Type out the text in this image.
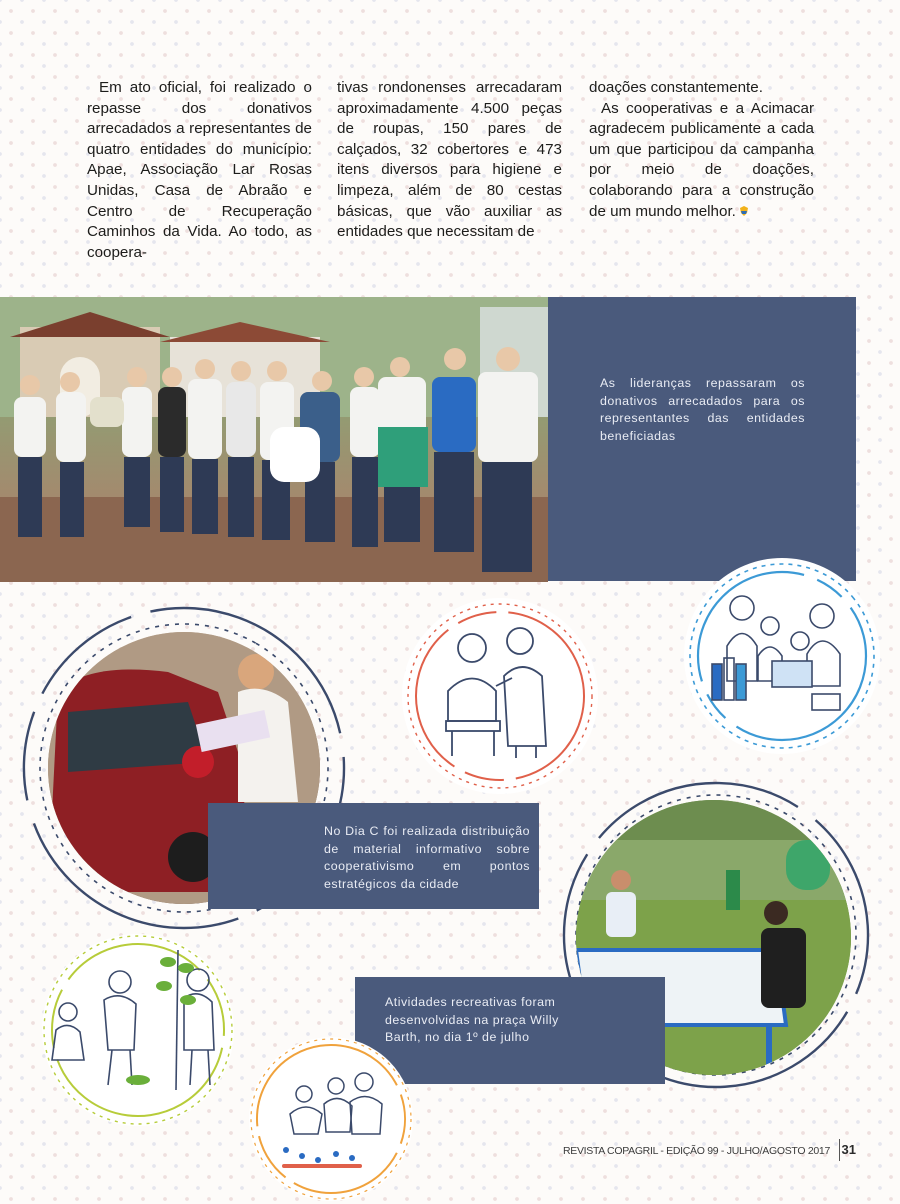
Em ato oficial, foi realizado o repasse dos donativos arrecadados a representantes de quatro entidades do município: Apae, Associação Lar Rosas Unidas, Casa de Abraão e Centro de Recuperação Caminhos da Vida. Ao todo, as coopera-

tivas rondonenses arrecadaram aproximadamente 4.500 peças de roupas, 150 pares de calçados, 32 cobertores e 473 itens diversos para higiene e limpeza, além de 80 cestas básicas, que vão auxiliar as entidades que necessitam de

doações constantemente.

As cooperativas e a Acimacar agradecem publicamente a cada um que participou da campanha por meio de doações, colaborando para a construção de um mundo melhor.

As lideranças repassaram os donativos arrecadados para os representantes das entidades beneficiadas
No Dia C foi realizada distribuição de material informativo sobre cooperativismo em pontos estratégicos da cidade
Atividades recreativas foram desenvolvidas na praça Willy Barth, no dia 1º de julho
REVISTA COPAGRIL - EDIÇÃO 99 - JULHO/AGOSTO 2017 31
